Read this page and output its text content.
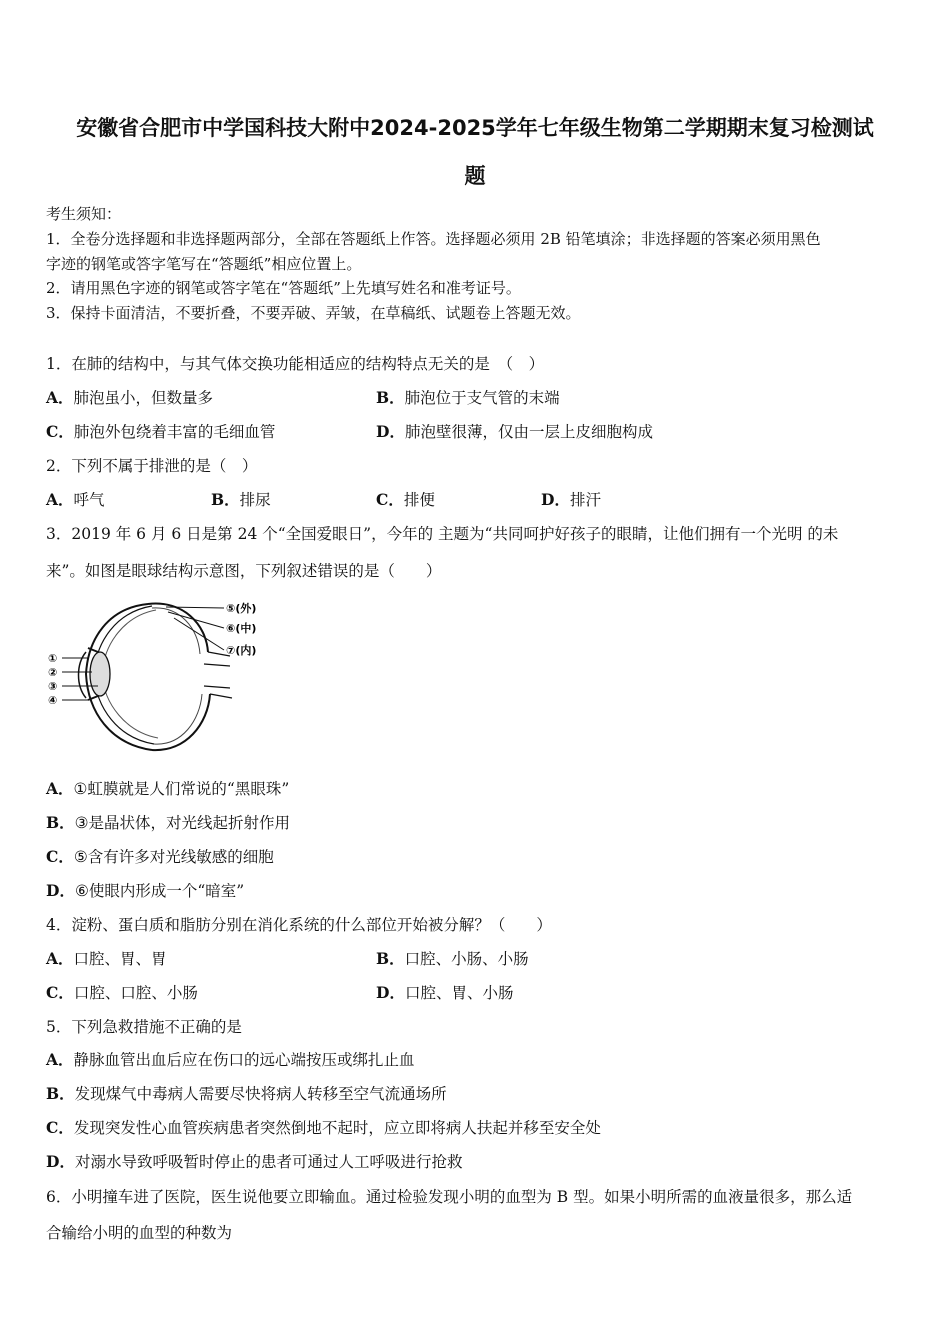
安徽省合肥市中学国科技大附中2024-2025学年七年级生物第二学期期末复习检测试
题
考生须知：
1．全卷分选择题和非选择题两部分，全部在答题纸上作答。选择题必须用 2B 铅笔填涂；非选择题的答案必须用黑色
字迹的钢笔或答字笔写在“答题纸”相应位置上。
2．请用黑色字迹的钢笔或答字笔在“答题纸”上先填写姓名和准考证号。
3．保持卡面清洁，不要折叠，不要弄破、弄皱，在草稿纸、试题卷上答题无效。
1．在肺的结构中，与其气体交换功能相适应的结构特点无关的是　（　）
A．肺泡虽小，但数量多	B．肺泡位于支气管的末端
C．肺泡外包绕着丰富的毛细血管	D．肺泡壁很薄，仅由一层上皮细胞构成
2．下列不属于排泄的是（　）
A．呼气	B．排尿	C．排便	D．排汗
3．2019 年 6 月 6 日是第 24 个“全国爱眼日”，今年的 主题为“共同呵护好孩子的眼睛，让他们拥有一个光明 的未
来”。如图是眼球结构示意图，下列叙述错误的是（　　）
⑤(外)
⑥(中)
⑦(内)
①
②
③
④
A．①虹膜就是人们常说的“黑眼珠”
B．③是晶状体，对光线起折射作用
C．⑤含有许多对光线敏感的细胞
D．⑥使眼内形成一个“暗室”
4．淀粉、蛋白质和脂肪分别在消化系统的什么部位开始被分解？（　　）
A．口腔、胃、胃	B．口腔、小肠、小肠
C．口腔、口腔、小肠	D．口腔、胃、小肠
5．下列急救措施不正确的是
A．静脉血管出血后应在伤口的远心端按压或绑扎止血
B．发现煤气中毒病人需要尽快将病人转移至空气流通场所
C．发现突发性心血管疾病患者突然倒地不起时，应立即将病人扶起并移至安全处
D．对溺水导致呼吸暂时停止的患者可通过人工呼吸进行抢救
6．小明撞车进了医院，医生说他要立即输血。通过检验发现小明的血型为 B 型。如果小明所需的血液量很多，那么适
合输给小明的血型的种数为
